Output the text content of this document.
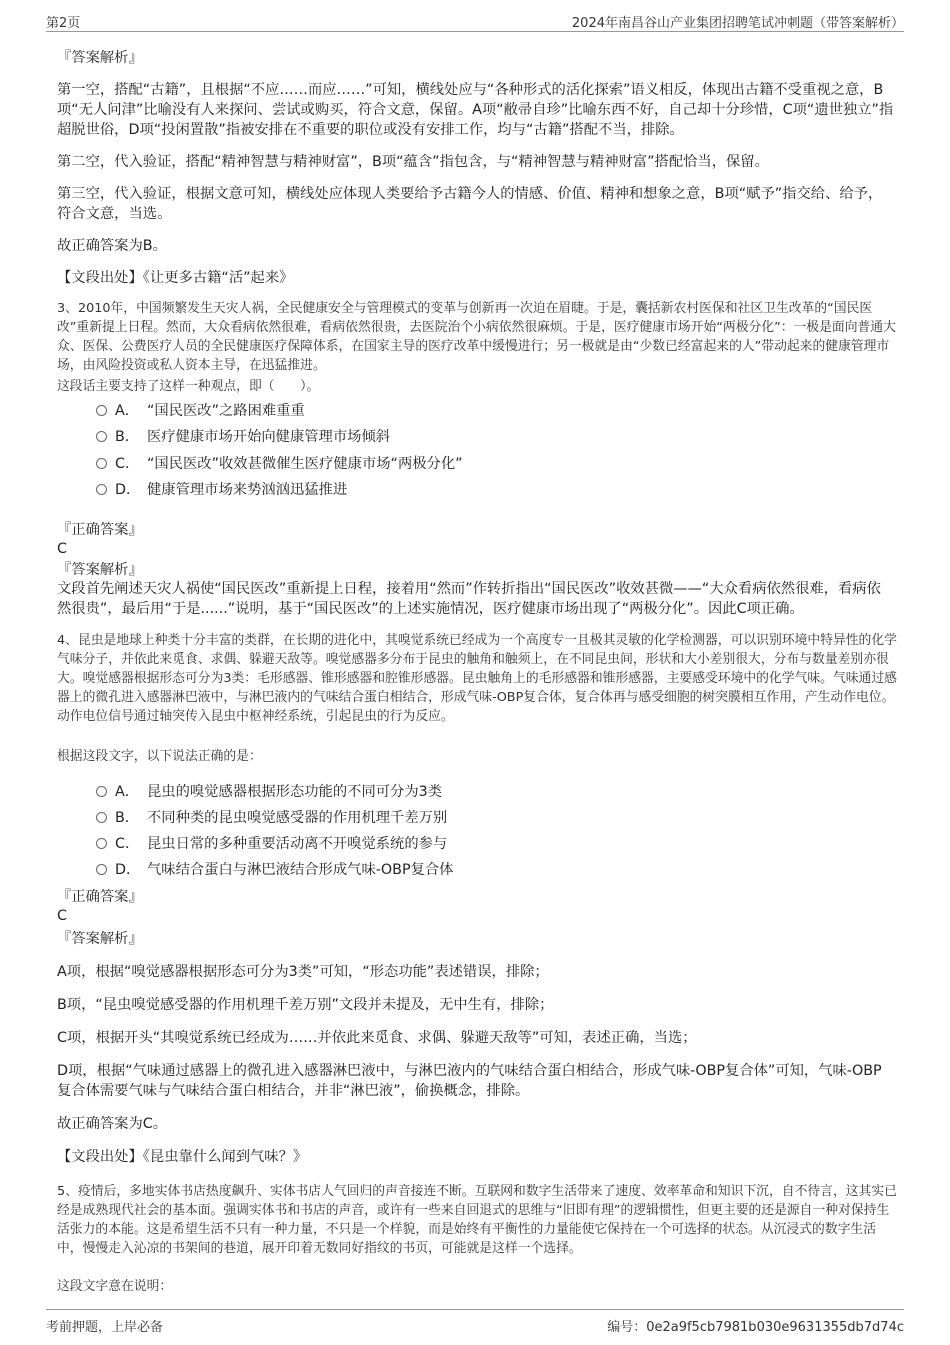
第2页	2024年南昌谷山产业集团招聘笔试冲刺题（带答案解析）
『答案解析』
第一空，搭配“古籍”，且根据“不应……而应……”可知，横线处应与“各种形式的活化探索”语义相反，体现出古籍不受重视之意，B项“无人问津”比喻没有人来探问、尝试或购买，符合文意，保留。A项“敝帚自珍”比喻东西不好，自己却十分珍惜，C项“遗世独立”指超脱世俗，D项“投闲置散”指被安排在不重要的职位或没有安排工作，均与“古籍”搭配不当，排除。
第二空，代入验证，搭配“精神智慧与精神财富”，B项“蕴含”指包含，与“精神智慧与精神财富”搭配恰当，保留。
第三空，代入验证，根据文意可知，横线处应体现人类要给予古籍今人的情感、价值、精神和想象之意，B项“赋予”指交给、给予，符合文意，当选。
故正确答案为B。
【文段出处】《让更多古籍“活”起来》
3、2010年，中国频繁发生天灾人祸，全民健康安全与管理模式的变革与创新再一次迫在眉睫。于是，囊括新农村医保和社区卫生改革的“国民医改”重新提上日程。然而，大众看病依然很难，看病依然很贵，去医院治个小病依然很麻烦。于是，医疗健康市场开始“两极分化”：一极是面向普通大众、医保、公费医疗人员的全民健康医疗保障体系，在国家主导的医疗改革中缓慢进行；另一极就是由“少数已经富起来的人”带动起来的健康管理市场，由风险投资或私人资本主导，在迅猛推进。
这段话主要支持了这样一种观点，即（　　）。
A． “国民医改”之路困难重重
B． 医疗健康市场开始向健康管理市场倾斜
C． “国民医改”收效甚微催生医疗健康市场“两极分化”
D． 健康管理市场来势汹汹迅猛推进
『正确答案』
C
『答案解析』
文段首先阐述天灾人祸使“国民医改”重新提上日程，接着用“然而”作转折指出“国民医改”收效甚微——“大众看病依然很难，看病依然很贵”，最后用“于是......”说明，基于“国民医改”的上述实施情况，医疗健康市场出现了“两极分化”。因此C项正确。
4、昆虫是地球上种类十分丰富的类群，在长期的进化中，其嗅觉系统已经成为一个高度专一且极其灵敏的化学检测器，可以识别环境中特异性的化学气味分子，并依此来觅食、求偶、躲避天敌等。嗅觉感器多分布于昆虫的触角和触须上，在不同昆虫间，形状和大小差别很大，分布与数量差别亦很大。嗅觉感器根据形态可分为3类：毛形感器、锥形感器和腔锥形感器。昆虫触角上的毛形感器和锥形感器，主要感受环境中的化学气味。气味通过感器上的微孔进入感器淋巴液中，与淋巴液内的气味结合蛋白相结合，形成气味-OBP复合体，复合体再与感受细胞的树突膜相互作用，产生动作电位。动作电位信号通过轴突传入昆虫中枢神经系统，引起昆虫的行为反应。
根据这段文字，以下说法正确的是：
A． 昆虫的嗅觉感器根据形态功能的不同可分为3类
B． 不同种类的昆虫嗅觉感受器的作用机理千差万别
C． 昆虫日常的多种重要活动离不开嗅觉系统的参与
D． 气味结合蛋白与淋巴液结合形成气味-OBP复合体
『正确答案』
C
『答案解析』
A项，根据“嗅觉感器根据形态可分为3类”可知，“形态功能”表述错误，排除；
B项，“昆虫嗅觉感受器的作用机理千差万别”文段并未提及，无中生有，排除；
C项，根据开头“其嗅觉系统已经成为……并依此来觅食、求偶、躲避天敌等”可知，表述正确，当选；
D项，根据“气味通过感器上的微孔进入感器淋巴液中，与淋巴液内的气味结合蛋白相结合，形成气味-OBP复合体”可知，气味-OBP复合体需要气味与气味结合蛋白相结合，并非“淋巴液”，偷换概念，排除。
故正确答案为C。
【文段出处】《昆虫靠什么闻到气味？》
5、疫情后，多地实体书店热度飙升、实体书店人气回归的声音接连不断。互联网和数字生活带来了速度、效率革命和知识下沉，自不待言，这其实已经是成熟现代社会的基本面。强调实体书和书店的声音，或许有一些来自回退式的思维与“旧即有理”的逻辑惯性，但更主要的还是源自一种对保持生活张力的本能。这是希望生活不只有一种力量，不只是一个样貌，而是始终有平衡性的力量能使它保持在一个可选择的状态。从沉浸式的数字生活中，慢慢走入沁凉的书架间的巷道，展开印着无数同好指纹的书页，可能就是这样一个选择。
这段文字意在说明：
考前押题，上岸必备	编号：0e2a9f5cb7981b030e9631355db7d74c
